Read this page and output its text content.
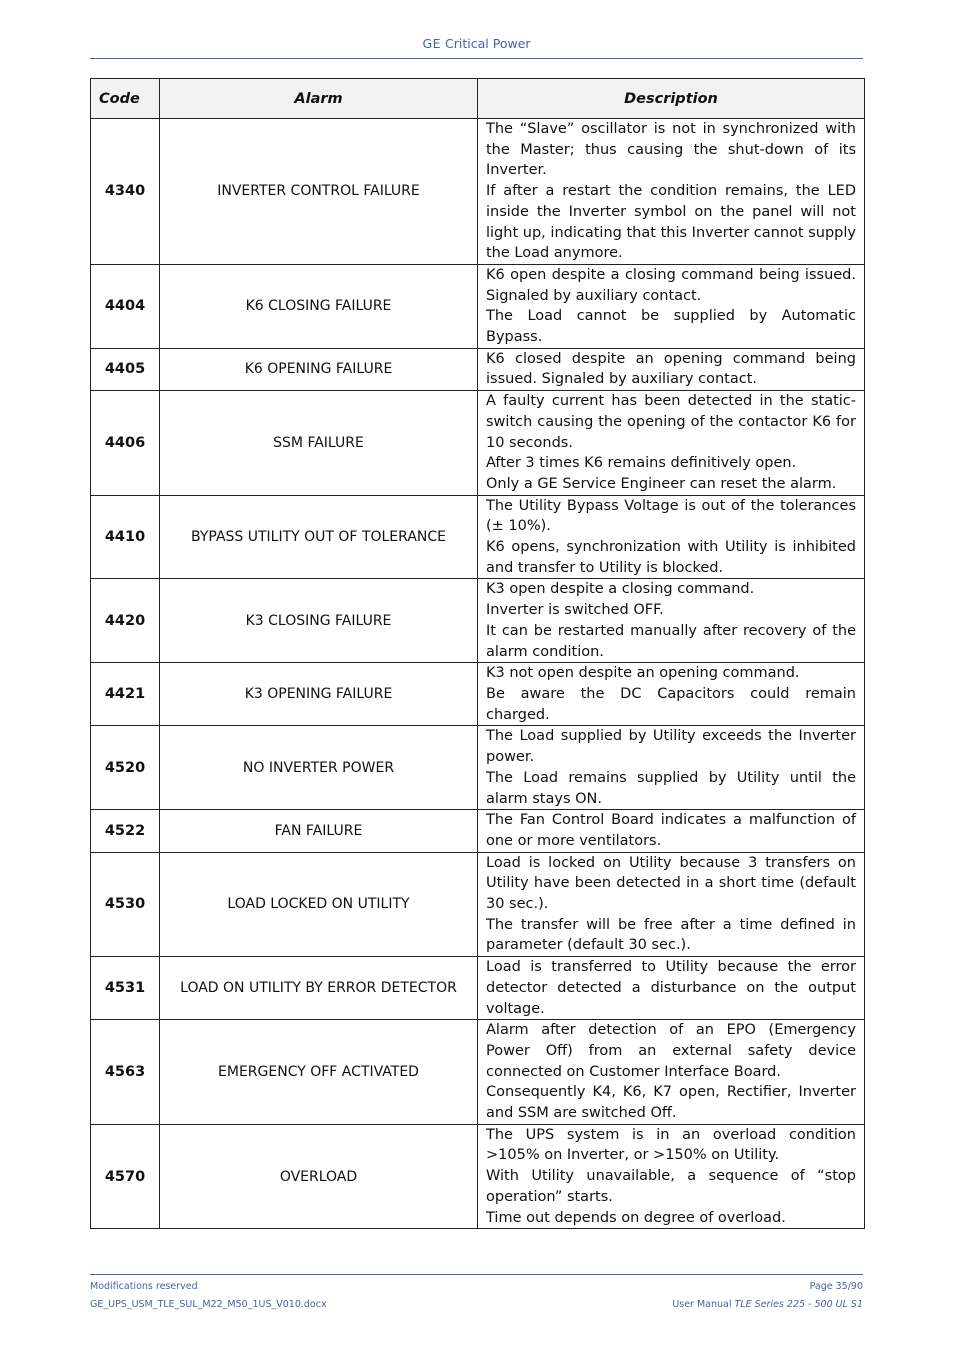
GE Critical Power
Code	Alarm	Description
4340	INVERTER CONTROL FAILURE	The “Slave” oscillator is not in synchronized with the Master; thus causing the shut-down of its Inverter.

If after a restart the condition remains, the LED inside the Inverter symbol on the panel will not light up, indicating that this Inverter cannot supply the Load anymore.

4404	K6 CLOSING FAILURE	K6 open despite a closing command being issued. Signaled by auxiliary contact.

The Load cannot be supplied by Automatic Bypass.

4405	K6 OPENING FAILURE	K6 closed despite an opening command being issued. Signaled by auxiliary contact.

4406	SSM FAILURE	A faulty current has been detected in the static-switch causing the opening of the contactor K6 for 10 seconds.

After 3 times K6 remains definitively open.

Only a GE Service Engineer can reset the alarm.

4410	BYPASS UTILITY OUT OF TOLERANCE	The Utility Bypass Voltage is out of the tolerances (± 10%).

K6 opens, synchronization with Utility is inhibited and transfer to Utility is blocked.

4420	K3 CLOSING FAILURE	K3 open despite a closing command.

Inverter is switched OFF.

It can be restarted manually after recovery of the alarm condition.

4421	K3 OPENING FAILURE	K3 not open despite an opening command.

Be aware the DC Capacitors could remain charged.

4520	NO INVERTER POWER	The Load supplied by Utility exceeds the Inverter power.

The Load remains supplied by Utility until the alarm stays ON.

4522	FAN FAILURE	The Fan Control Board indicates a malfunction of one or more ventilators.

4530	LOAD LOCKED ON UTILITY	Load is locked on Utility because 3 transfers on Utility have been detected in a short time (default 30 sec.).

The transfer will be free after a time defined in parameter (default 30 sec.).

4531	LOAD ON UTILITY BY ERROR DETECTOR	Load is transferred to Utility because the error detector detected a disturbance on the output voltage.

4563	EMERGENCY OFF ACTIVATED	Alarm after detection of an EPO (Emergency Power Off) from an external safety device connected on Customer Interface Board.

Consequently K4, K6, K7 open, Rectifier, Inverter and SSM are switched Off.

4570	OVERLOAD	The UPS system is in an overload condition >105% on Inverter, or >150% on Utility.

With Utility unavailable, a sequence of “stop operation” starts.

Time out depends on degree of overload.

Modifications reserved
GE_UPS_USM_TLE_SUL_M22_M50_1US_V010.docx
Page 35/90
User Manual TLE Series 225 - 500 UL S1
